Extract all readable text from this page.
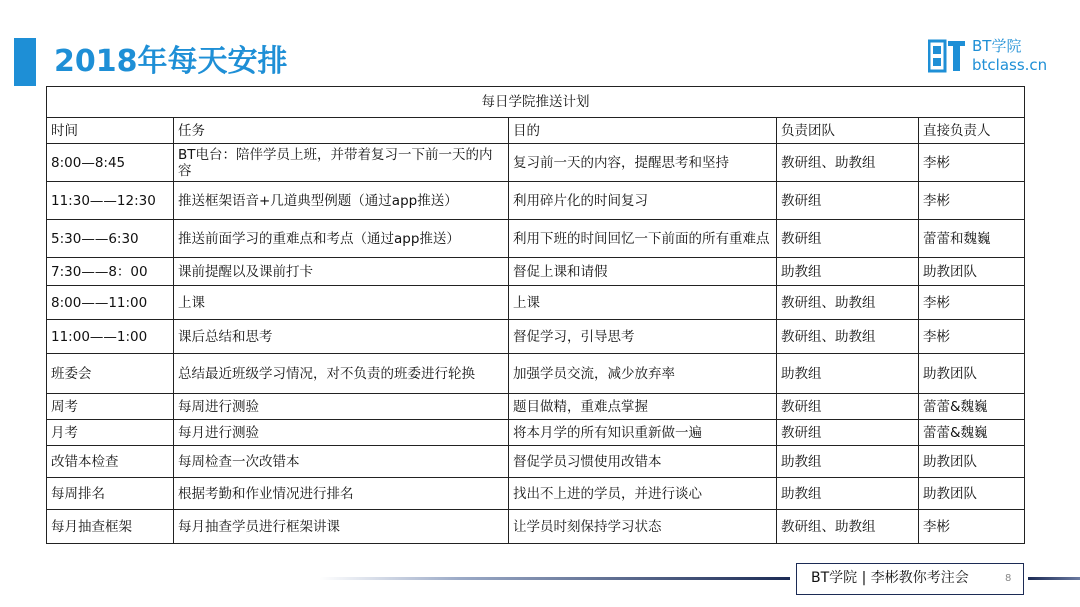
2018年每天安排	BT学院
btclass.cn
每日学院推送计划				
时间	任务	目的	负责团队	直接负责人
8:00—8:45	BT电台：陪伴学员上班，并带着复习一下前一天的内容	复习前一天的内容，提醒思考和坚持	教研组、助教组	李彬
11:30——12:30	推送框架语音+几道典型例题（通过app推送）	利用碎片化的时间复习	教研组	李彬
5:30——6:30	推送前面学习的重难点和考点（通过app推送）	利用下班的时间回忆一下前面的所有重难点	教研组	蕾蕾和魏巍
7:30——8：00	课前提醒以及课前打卡	督促上课和请假	助教组	助教团队
8:00——11:00	上课	上课	教研组、助教组	李彬
11:00——1:00	课后总结和思考	督促学习，引导思考	教研组、助教组	李彬
班委会	总结最近班级学习情况，对不负责的班委进行轮换	加强学员交流，减少放弃率	助教组	助教团队
周考	每周进行测验	题目做精，重难点掌握	教研组	蕾蕾&魏巍
月考	每月进行测验	将本月学的所有知识重新做一遍	教研组	蕾蕾&魏巍
改错本检查	每周检查一次改错本	督促学员习惯使用改错本	助教组	助教团队
每周排名	根据考勤和作业情况进行排名	找出不上进的学员，并进行谈心	助教组	助教团队
每月抽查框架	每月抽查学员进行框架讲课	让学员时刻保持学习状态	教研组、助教组	李彬
BT学院 | 李彬教你考注会	8
